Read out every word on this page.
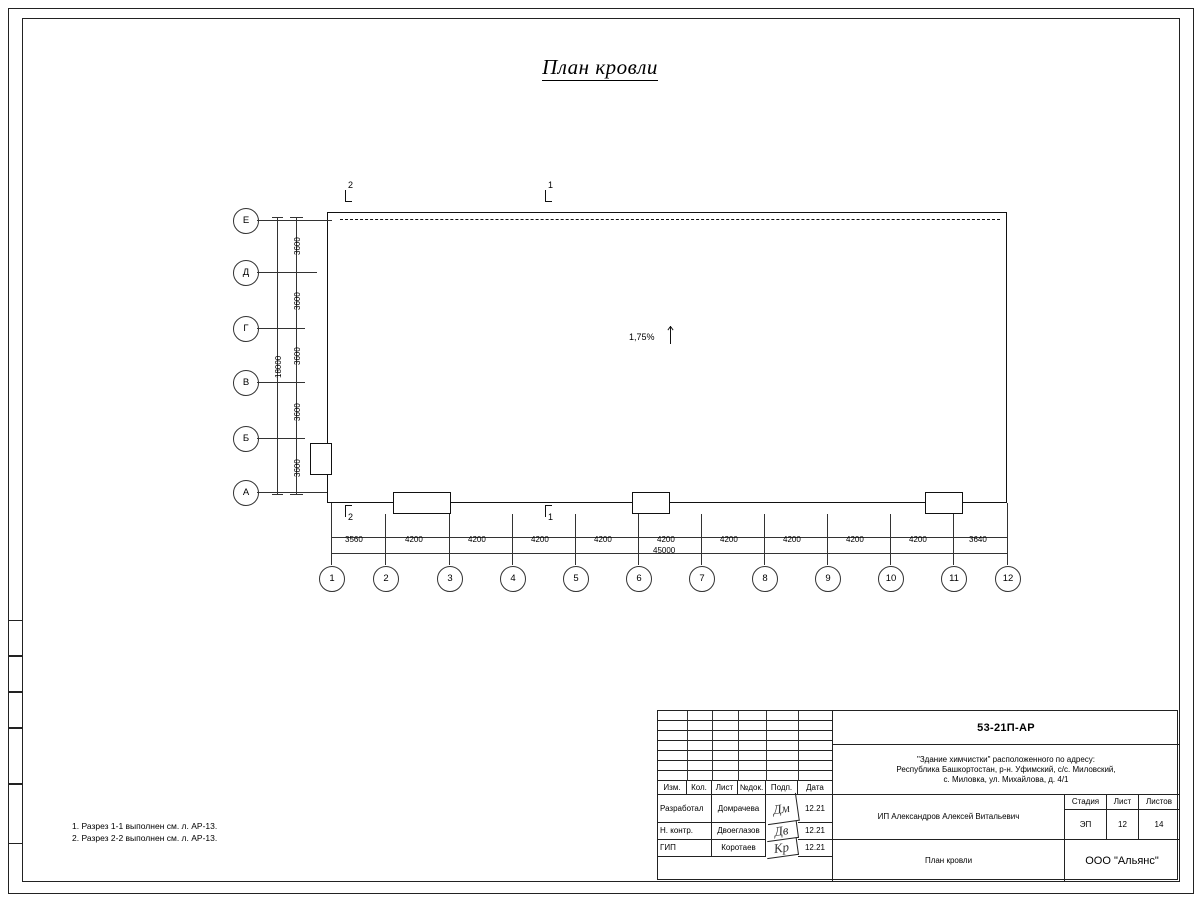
План кровли
1,75%
2	1
2	1
Е
Д
Г
В
Б
А
3600
3600
3600
3600
3600
18000
3560	4200	4200	4200	4200	4200	4200	4200	4200	4200	3640
45000
1	2	3	4	5	6	7	8	9	10	11	12
1. Разрез 1-1 выполнен см. л. АР-13.
2. Разрез 2-2 выполнен см. л. АР-13.
Изм.	Кол.	Лист №док. Подп.	Дата
Разработал	Домрачева Дм	12.21
Н. контр.	Двоеглазов	Дв	12.21
ГИП	Коротаев	Кр	12.21
53-21П-АР
"Здание химчистки" расположенного по адресу:
Республика Башкортостан, р-н. Уфимский, с/с. Миловский,
с. Миловка, ул. Михайлова, д. 4/1
ИП Александров Алексей Витальевич
Стадия	Лист	Листов
ЭП	12	14
План кровли	ООО "Альянс"
